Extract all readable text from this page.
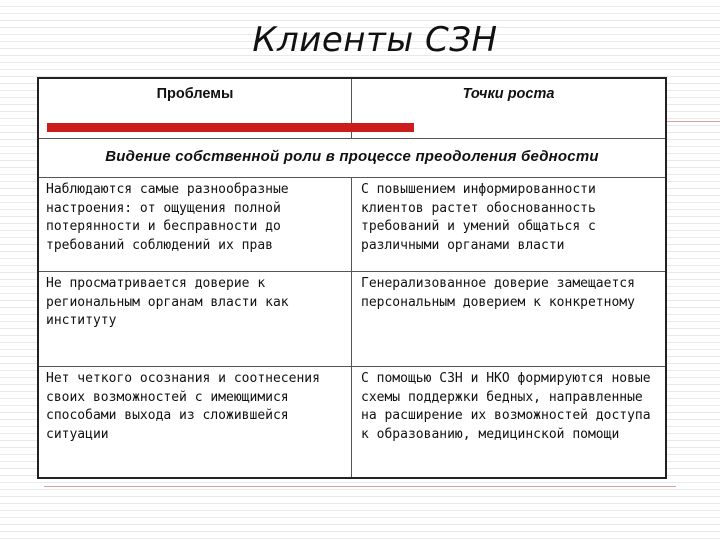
Клиенты СЗН
Проблемы	Точки роста
Видение собственной роли в процессе преодоления бедности
Наблюдаются самые разнообразные настроения: от ощущения полной потерянности и бесправности до требований соблюдений их прав
С повышением информированности клиентов растет обоснованность требований и умений общаться с различными органами власти
Не просматривается доверие к региональным органам власти как институту
Генерализованное доверие замещается персональным доверием к конкретному
Нет четкого осознания и соотнесения своих возможностей с имеющимися способами выхода из сложившейся ситуации
С помощью СЗН и НКО формируются новые схемы поддержки бедных, направленные на расширение их возможностей доступа к образованию, медицинской помощи
